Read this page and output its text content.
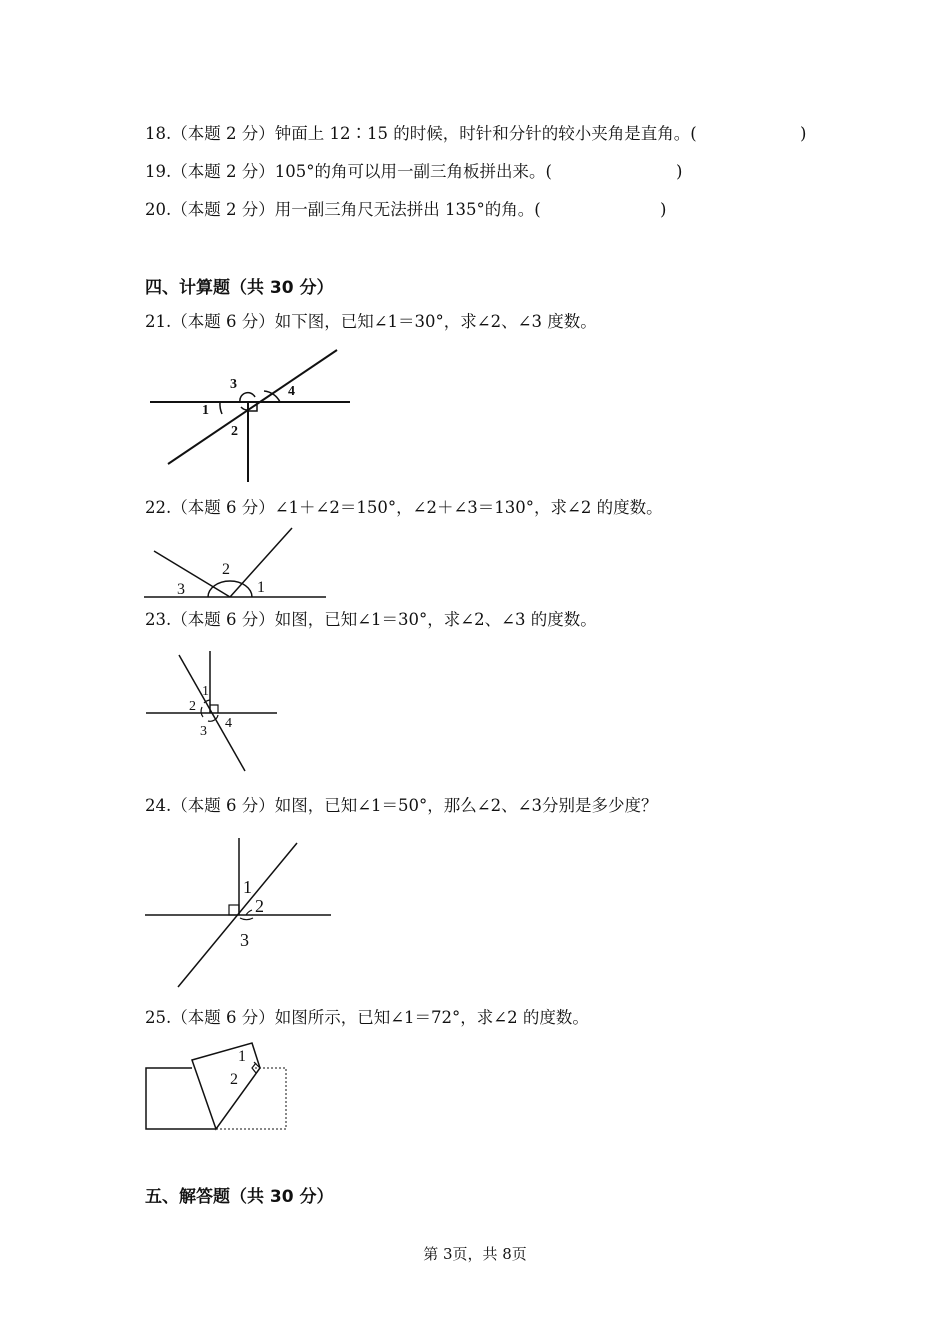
18.（本题 2 分）钟面上 12∶15 的时候，时针和分针的较小夹角是直角。(	)
19.（本题 2 分）105°的角可以用一副三角板拼出来。(	)
20.（本题 2 分）用一副三角尺无法拼出 135°的角。(	)
四、计算题（共 30 分）
21.（本题 6 分）如下图，已知∠1＝30°，求∠2、∠3 度数。
1
3	4
2
22.（本题 6 分）∠1＋∠2＝150°，∠2＋∠3＝130°，求∠2 的度数。
3
2
1
23.（本题 6 分）如图，已知∠1＝30°，求∠2、∠3 的度数。
1
2
3
4
24.（本题 6 分）如图，已知∠1＝50°，那么∠2、∠3分别是多少度？
1
2
3
25.（本题 6 分）如图所示，已知∠1＝72°，求∠2 的度数。
1
2
五、解答题（共 30 分）
第 3页，共 8页
